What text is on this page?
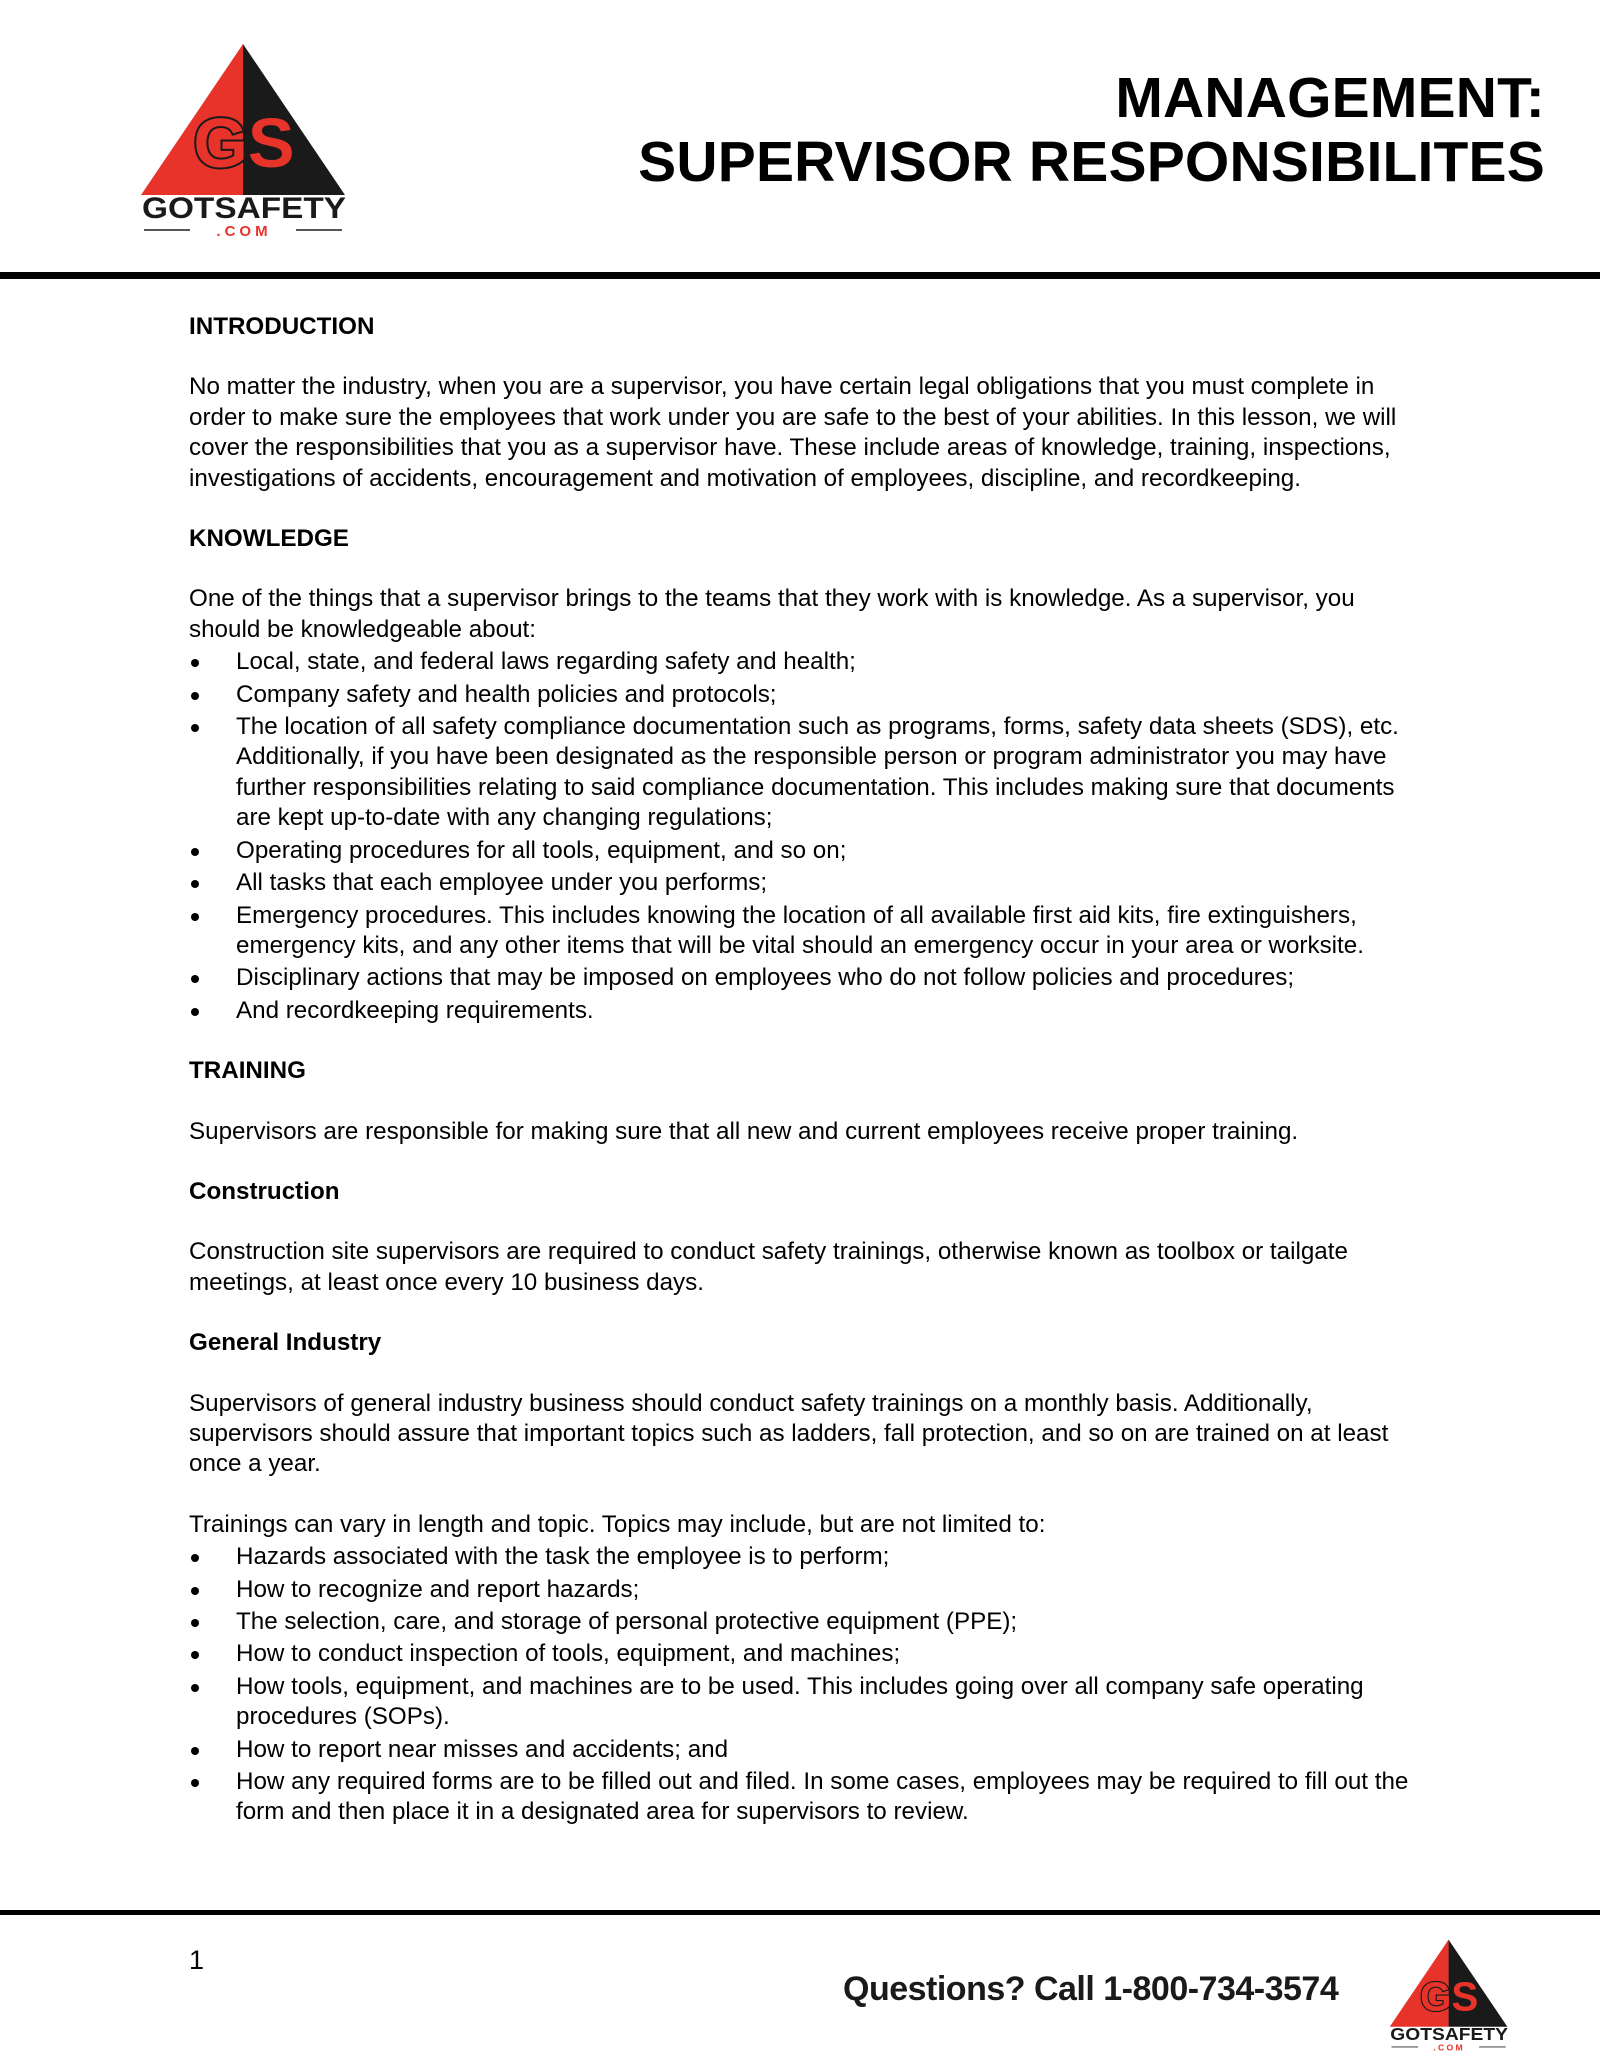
GS
GOTSAFETY
.COM
MANAGEMENT:
SUPERVISOR RESPONSIBILITES
INTRODUCTION

No matter the industry, when you are a supervisor, you have certain legal obligations that you must complete in order to make sure the employees that work under you are safe to the best of your abilities. In this lesson, we will cover the responsibilities that you as a supervisor have. These include areas of knowledge, training, inspections, investigations of accidents, encouragement and motivation of employees, discipline, and recordkeeping.

KNOWLEDGE

One of the things that a supervisor brings to the teams that they work with is knowledge. As a supervisor, you should be knowledgeable about:

Local, state, and federal laws regarding safety and health;
Company safety and health policies and protocols;
The location of all safety compliance documentation such as programs, forms, safety data sheets (SDS), etc. Additionally, if you have been designated as the responsible person or program administrator you may have further responsibilities relating to said compliance documentation. This includes making sure that documents are kept up-to-date with any changing regulations;
Operating procedures for all tools, equipment, and so on;
All tasks that each employee under you performs;
Emergency procedures. This includes knowing the location of all available first aid kits, fire extinguishers, emergency kits, and any other items that will be vital should an emergency occur in your area or worksite.
Disciplinary actions that may be imposed on employees who do not follow policies and procedures;
And recordkeeping requirements.
TRAINING

Supervisors are responsible for making sure that all new and current employees receive proper training.

Construction

Construction site supervisors are required to conduct safety trainings, otherwise known as toolbox or tailgate meetings, at least once every 10 business days.

General Industry

Supervisors of general industry business should conduct safety trainings on a monthly basis. Additionally, supervisors should assure that important topics such as ladders, fall protection, and so on are trained on at least once a year.

Trainings can vary in length and topic. Topics may include, but are not limited to:

Hazards associated with the task the employee is to perform;
How to recognize and report hazards;
The selection, care, and storage of personal protective equipment (PPE);
How to conduct inspection of tools, equipment, and machines;
How tools, equipment, and machines are to be used. This includes going over all company safe operating procedures (SOPs).
How to report near misses and accidents; and
How any required forms are to be filled out and filed. In some cases, employees may be required to fill out the form and then place it in a designated area for supervisors to review.
1
Questions? Call 1-800-734-3574 GS
GOTSAFETY
.COM
